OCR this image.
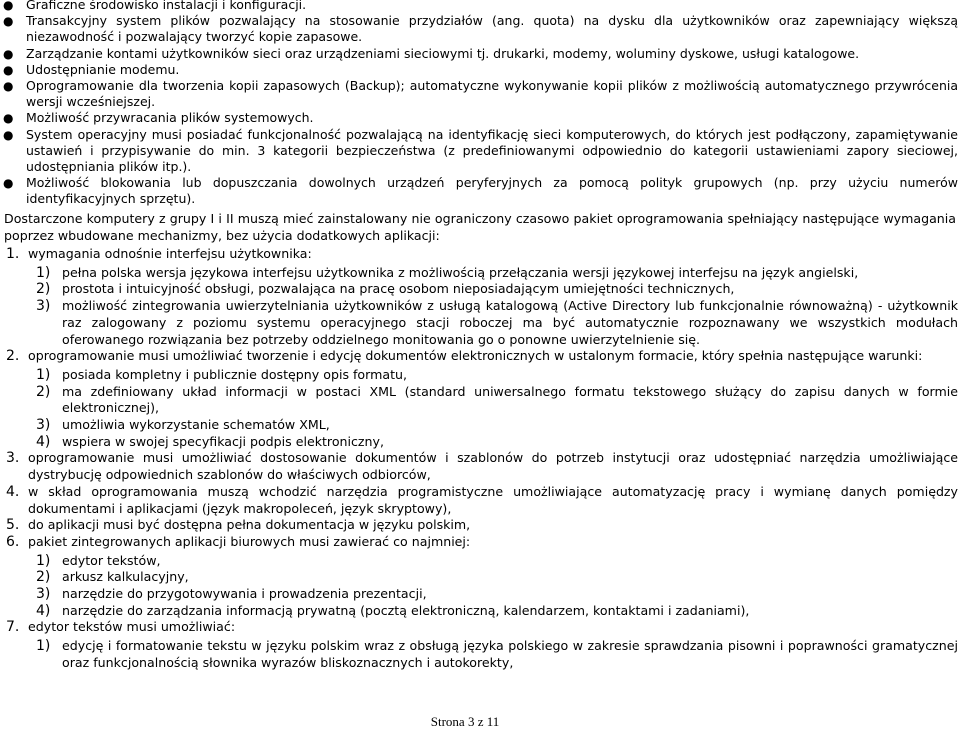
● Graficzne środowisko instalacji i konfiguracji.
● Transakcyjny system plików pozwalający na stosowanie przydziałów (ang. quota) na dysku dla użytkowników oraz zapewniający większą niezawodność i pozwalający tworzyć kopie zapasowe.
● Zarządzanie kontami użytkowników sieci oraz urządzeniami sieciowymi tj. drukarki, modemy, woluminy dyskowe, usługi katalogowe.
● Udostępnianie modemu.
● Oprogramowanie dla tworzenia kopii zapasowych (Backup); automatyczne wykonywanie kopii plików z możliwością automatycznego przywrócenia wersji wcześniejszej.
● Możliwość przywracania plików systemowych.
● System operacyjny musi posiadać funkcjonalność pozwalającą na identyfikację sieci komputerowych, do których jest podłączony, zapamiętywanie ustawień i przypisywanie do min. 3 kategorii bezpieczeństwa (z predefiniowanymi odpowiednio do kategorii ustawieniami zapory sieciowej, udostępniania plików itp.).
● Możliwość blokowania lub dopuszczania dowolnych urządzeń peryferyjnych za pomocą polityk grupowych (np. przy użyciu numerów identyfikacyjnych sprzętu).

Dostarczone komputery z grupy I i II muszą mieć zainstalowany nie ograniczony czasowo pakiet oprogramowania spełniający następujące wymagania poprzez wbudowane mechanizmy, bez użycia dodatkowych aplikacji:

1. wymagania odnośnie interfejsu użytkownika:
1) pełna polska wersja językowa interfejsu użytkownika z możliwością przełączania wersji językowej interfejsu na język angielski,
2) prostota i intuicyjność obsługi, pozwalająca na pracę osobom nieposiadającym umiejętności technicznych,
3) możliwość zintegrowania uwierzytelniania użytkowników z usługą katalogową (Active Directory lub funkcjonalnie równoważną) - użytkownik raz zalogowany z poziomu systemu operacyjnego stacji roboczej ma być automatycznie rozpoznawany we wszystkich modułach oferowanego rozwiązania bez potrzeby oddzielnego monitowania go o ponowne uwierzytelnienie się.
2. oprogramowanie musi umożliwiać tworzenie i edycję dokumentów elektronicznych w ustalonym formacie, który spełnia następujące warunki:
1) posiada kompletny i publicznie dostępny opis formatu,
2) ma zdefiniowany układ informacji w postaci XML (standard uniwersalnego formatu tekstowego służący do zapisu danych w formie elektronicznej),
3) umożliwia wykorzystanie schematów XML,
4) wspiera w swojej specyfikacji podpis elektroniczny,
3. oprogramowanie musi umożliwiać dostosowanie dokumentów i szablonów do potrzeb instytucji oraz udostępniać narzędzia umożliwiające dystrybucję odpowiednich szablonów do właściwych odbiorców,
4. w skład oprogramowania muszą wchodzić narzędzia programistyczne umożliwiające automatyzację pracy i wymianę danych pomiędzy dokumentami i aplikacjami (język makropoleceń, język skryptowy),
5. do aplikacji musi być dostępna pełna dokumentacja w języku polskim,
6. pakiet zintegrowanych aplikacji biurowych musi zawierać co najmniej:
1) edytor tekstów,
2) arkusz kalkulacyjny,
3) narzędzie do przygotowywania i prowadzenia prezentacji,
4) narzędzie do zarządzania informacją prywatną (pocztą elektroniczną, kalendarzem, kontaktami i zadaniami),
7. edytor tekstów musi umożliwiać:
1) edycję i formatowanie tekstu w języku polskim wraz z obsługą języka polskiego w zakresie sprawdzania pisowni i poprawności gramatycznej oraz funkcjonalnością słownika wyrazów bliskoznacznych i autokorekty,
Strona 3 z 11
